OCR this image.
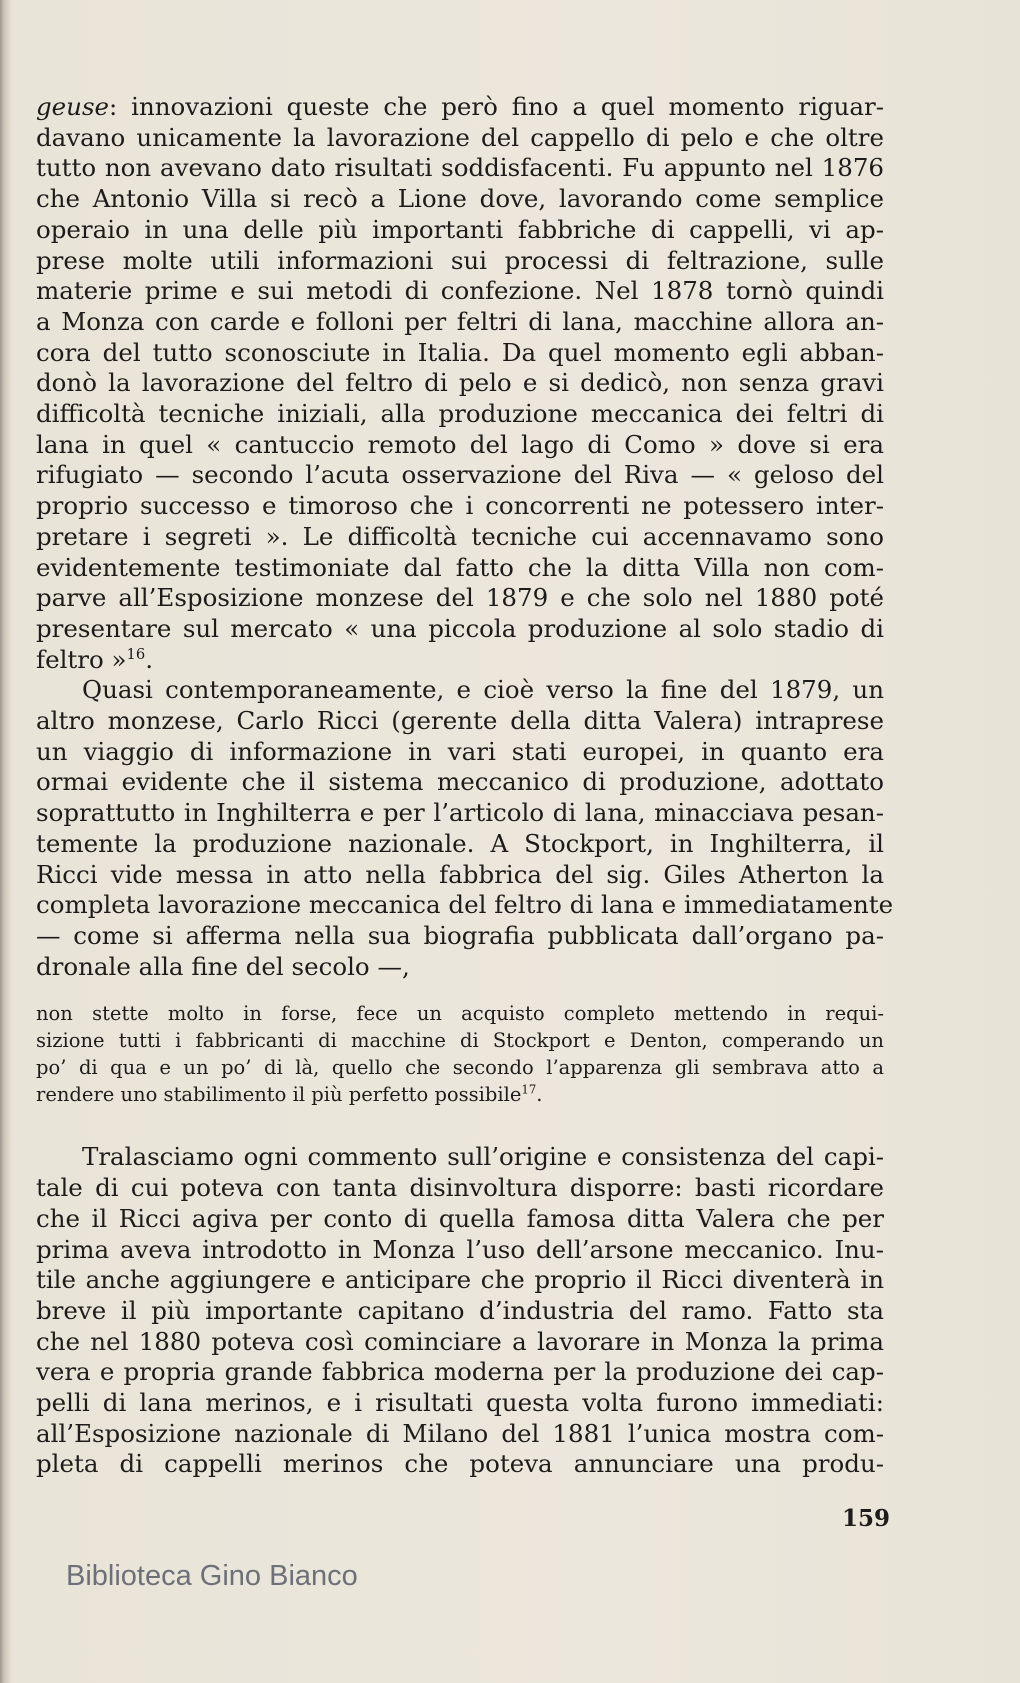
geuse: innovazioni queste che però fino a quel momento riguar-
davano unicamente la lavorazione del cappello di pelo e che oltre
tutto non avevano dato risultati soddisfacenti. Fu appunto nel 1876
che Antonio Villa si recò a Lione dove, lavorando come semplice
operaio in una delle più importanti fabbriche di cappelli, vi ap-
prese molte utili informazioni sui processi di feltrazione, sulle
materie prime e sui metodi di confezione. Nel 1878 tornò quindi
a Monza con carde e folloni per feltri di lana, macchine allora an-
cora del tutto sconosciute in Italia. Da quel momento egli abban-
donò la lavorazione del feltro di pelo e si dedicò, non senza gravi
difficoltà tecniche iniziali, alla produzione meccanica dei feltri di
lana in quel « cantuccio remoto del lago di Como » dove si era
rifugiato — secondo l’acuta osservazione del Riva — « geloso del
proprio successo e timoroso che i concorrenti ne potessero inter-
pretare i segreti ». Le difficoltà tecniche cui accennavamo sono
evidentemente testimoniate dal fatto che la ditta Villa non com-
parve all’Esposizione monzese del 1879 e che solo nel 1880 poté
presentare sul mercato « una piccola produzione al solo stadio di
feltro »$^{16}$.
Quasi contemporaneamente, e cioè verso la fine del 1879, un
altro monzese, Carlo Ricci (gerente della ditta Valera) intraprese
un viaggio di informazione in vari stati europei, in quanto era
ormai evidente che il sistema meccanico di produzione, adottato
soprattutto in Inghilterra e per l’articolo di lana, minacciava pesan-
temente la produzione nazionale. A Stockport, in Inghilterra, il
Ricci vide messa in atto nella fabbrica del sig. Giles Atherton la
completa lavorazione meccanica del feltro di lana e immediatamente
— come si afferma nella sua biografia pubblicata dall’organo pa-
dronale alla fine del secolo —,
non stette molto in forse, fece un acquisto completo mettendo in requi-
sizione tutti i fabbricanti di macchine di Stockport e Denton, comperando un
po’ di qua e un po’ di là, quello che secondo l’apparenza gli sembrava atto a
rendere uno stabilimento il più perfetto possibile$^{17}$.
Tralasciamo ogni commento sull’origine e consistenza del capi-
tale di cui poteva con tanta disinvoltura disporre: basti ricordare
che il Ricci agiva per conto di quella famosa ditta Valera che per
prima aveva introdotto in Monza l’uso dell’arsone meccanico. Inu-
tile anche aggiungere e anticipare che proprio il Ricci diventerà in
breve il più importante capitano d’industria del ramo. Fatto sta
che nel 1880 poteva così cominciare a lavorare in Monza la prima
vera e propria grande fabbrica moderna per la produzione dei cap-
pelli di lana merinos, e i risultati questa volta furono immediati:
all’Esposizione nazionale di Milano del 1881 l’unica mostra com-
pleta di cappelli merinos che poteva annunciare una produ-
159
Biblioteca Gino Bianco
